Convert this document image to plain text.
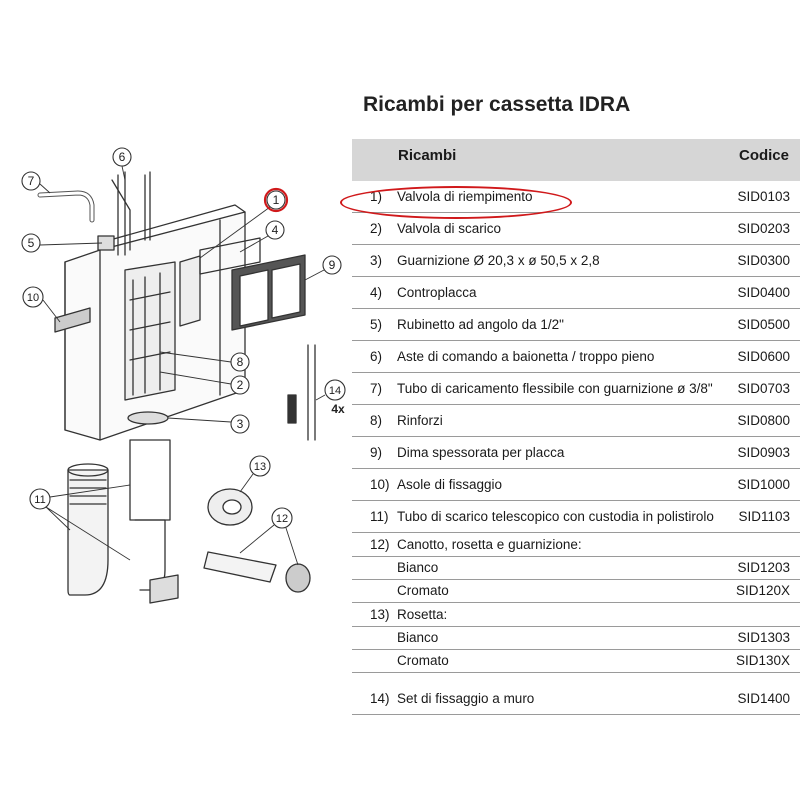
7
6
1
5
4
9
10
8
2	14
3
13
11
12
4x
Ricambi per cassetta IDRA
Ricambi	Codice
1) Valvola di riempimento	SID0103
2) Valvola di scarico	SID0203
3) Guarnizione Ø 20,3 x ø 50,5 x 2,8	SID0300
4) Controplacca	SID0400
5) Rubinetto ad angolo da 1/2"	SID0500
6) Aste di comando a baionetta / troppo pieno	SID0600
7) Tubo di caricamento flessibile con guarnizione ø 3/8" SID0703
8) Rinforzi	SID0800
9) Dima spessorata per placca	SID0903
10) Asole di fissaggio	SID1000
11) Tubo di scarico telescopico con custodia in polistirolo SID1103
12) Canotto, rosetta e guarnizione:
Bianco	SID1203
Cromato	SID120X
13) Rosetta:
Bianco	SID1303
Cromato	SID130X
14) Set di fissaggio a muro	SID1400
